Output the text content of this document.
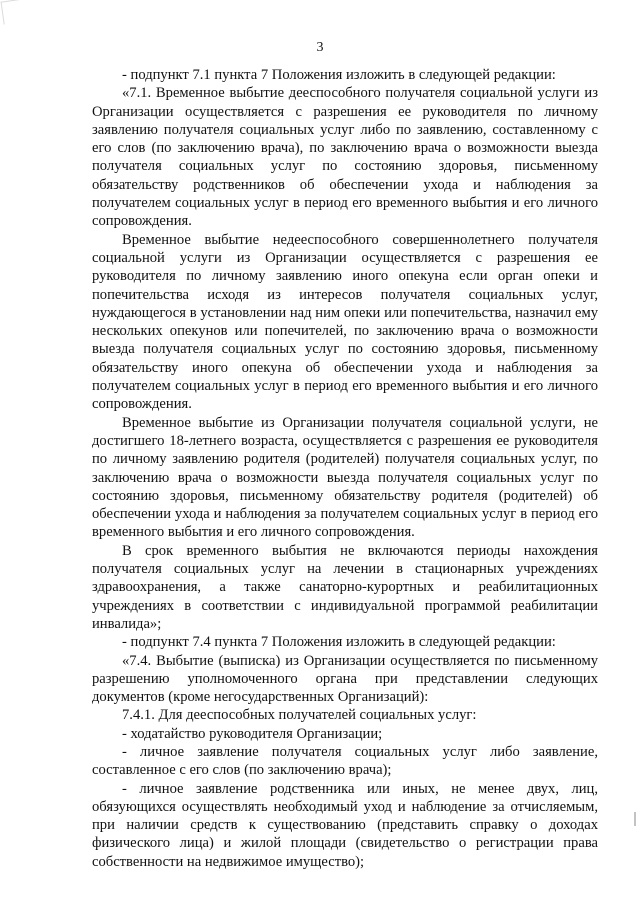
3

- подпункт 7.1 пункта 7 Положения изложить в следующей редакции:

«7.1. Временное выбытие дееспособного получателя социальной услуги из Организации осуществляется с разрешения ее руководителя по личному заявлению получателя социальных услуг либо по заявлению, составленному с его слов (по заключению врача), по заключению врача о возможности выезда получателя социальных услуг по состоянию здоровья, письменному обязательству родственников об обеспечении ухода и наблюдения за получателем социальных услуг в период его временного выбытия и его личного сопровождения.

Временное выбытие недееспособного совершеннолетнего получателя социальной услуги из Организации осуществляется с разрешения ее руководителя по личному заявлению иного опекуна если орган опеки и попечительства исходя из интересов получателя социальных услуг, нуждающегося в установлении над ним опеки или попечительства, назначил ему нескольких опекунов или попечителей, по заключению врача о возможности выезда получателя социальных услуг по состоянию здоровья, письменному обязательству иного опекуна об обеспечении ухода и наблюдения за получателем социальных услуг в период его временного выбытия и его личного сопровождения.

Временное выбытие из Организации получателя социальной услуги, не достигшего 18-летнего возраста, осуществляется с разрешения ее руководителя по личному заявлению родителя (родителей) получателя социальных услуг, по заключению врача о возможности выезда получателя социальных услуг по состоянию здоровья, письменному обязательству родителя (родителей) об обеспечении ухода и наблюдения за получателем социальных услуг в период его временного выбытия и его личного сопровождения.

В срок временного выбытия не включаются периоды нахождения получателя социальных услуг на лечении в стационарных учреждениях здравоохранения, а также санаторно-курортных и реабилитационных учреждениях в соответствии с индивидуальной программой реабилитации инвалида»;

- подпункт 7.4 пункта 7 Положения изложить в следующей редакции:

«7.4. Выбытие (выписка) из Организации осуществляется по письменному разрешению уполномоченного органа при представлении следующих документов (кроме негосударственных Организаций):

7.4.1. Для дееспособных получателей социальных услуг:

- ходатайство руководителя Организации;

- личное заявление получателя социальных услуг либо заявление, составленное с его слов (по заключению врача);

- личное заявление родственника или иных, не менее двух, лиц, обязующихся осуществлять необходимый уход и наблюдение за отчисляемым, при наличии средств к существованию (представить справку о доходах физического лица) и жилой площади (свидетельство о регистрации права собственности на недвижимое имущество);
